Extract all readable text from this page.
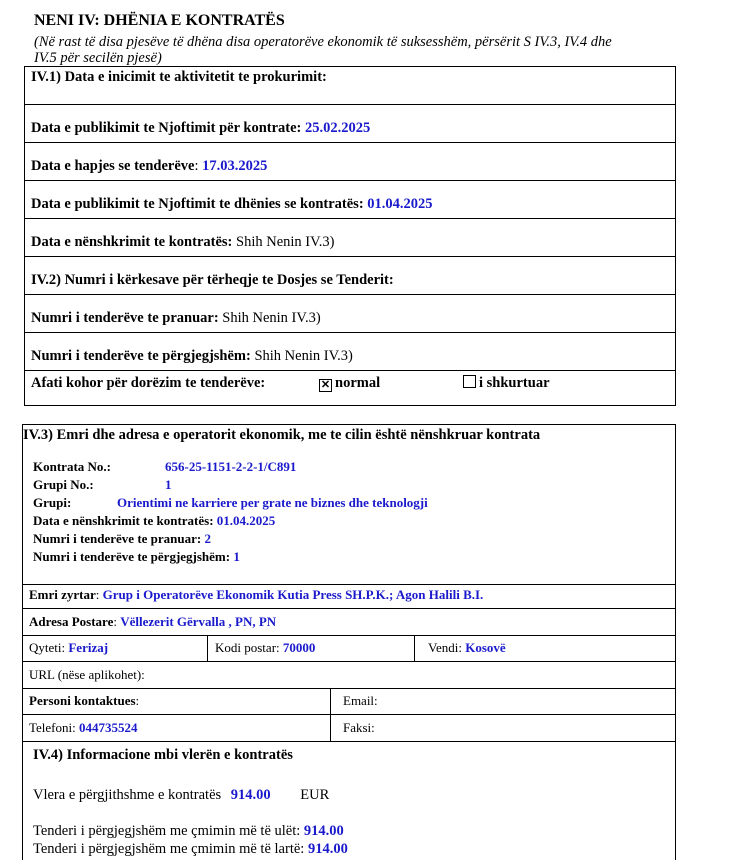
NENI IV: DHËNIA E KONTRATËS
(Në rast të disa pjesëve të dhëna disa operatorëve ekonomik të suksesshëm, përsërit S IV.3, IV.4 dhe
IV.5 për secilën pjesë)
IV.1) Data e inicimit te aktivitetit te prokurimit:
Data e publikimit te Njoftimit për kontrate: 25.02.2025
Data e hapjes se tenderëve: 17.03.2025
Data e publikimit te Njoftimit te dhënies se kontratës: 01.04.2025
Data e nënshkrimit te kontratës: Shih Nenin IV.3)
IV.2) Numri i kërkesave për tërheqje te Dosjes se Tenderit:
Numri i tenderëve te pranuar: Shih Nenin IV.3)
Numri i tenderëve te përgjegjshëm: Shih Nenin IV.3)
Afati kohor për dorëzim te tenderëve:	✕ normal	i shkurtuar
IV.3) Emri dhe adresa e operatorit ekonomik, me te cilin është nënshkruar kontrata
Kontrata No.:	656-25-1151-2-2-1/C891
Grupi No.:	1
Grupi:	Orientimi ne karriere per grate ne biznes dhe teknologji
Data e nënshkrimit te kontratës: 01.04.2025
Numri i tenderëve te pranuar: 2
Numri i tenderëve te përgjegjshëm: 1
Emri zyrtar: Grup i Operatorëve Ekonomik Kutia Press SH.P.K.; Agon Halili B.I.
Adresa Postare: Vëllezerit Gërvalla , PN, PN
Qyteti: Ferizaj	Kodi postar: 70000	Vendi: Kosovë
URL (nëse aplikohet):
Personi kontaktues:	Email:
Telefoni: 044735524	Faksi:
IV.4) Informacione mbi vlerën e kontratës
Vlera e përgjithshme e kontratës 914.00 EUR
Tenderi i përgjegjshëm me çmimin më të ulët: 914.00
Tenderi i përgjegjshëm me çmimin më të lartë: 914.00
